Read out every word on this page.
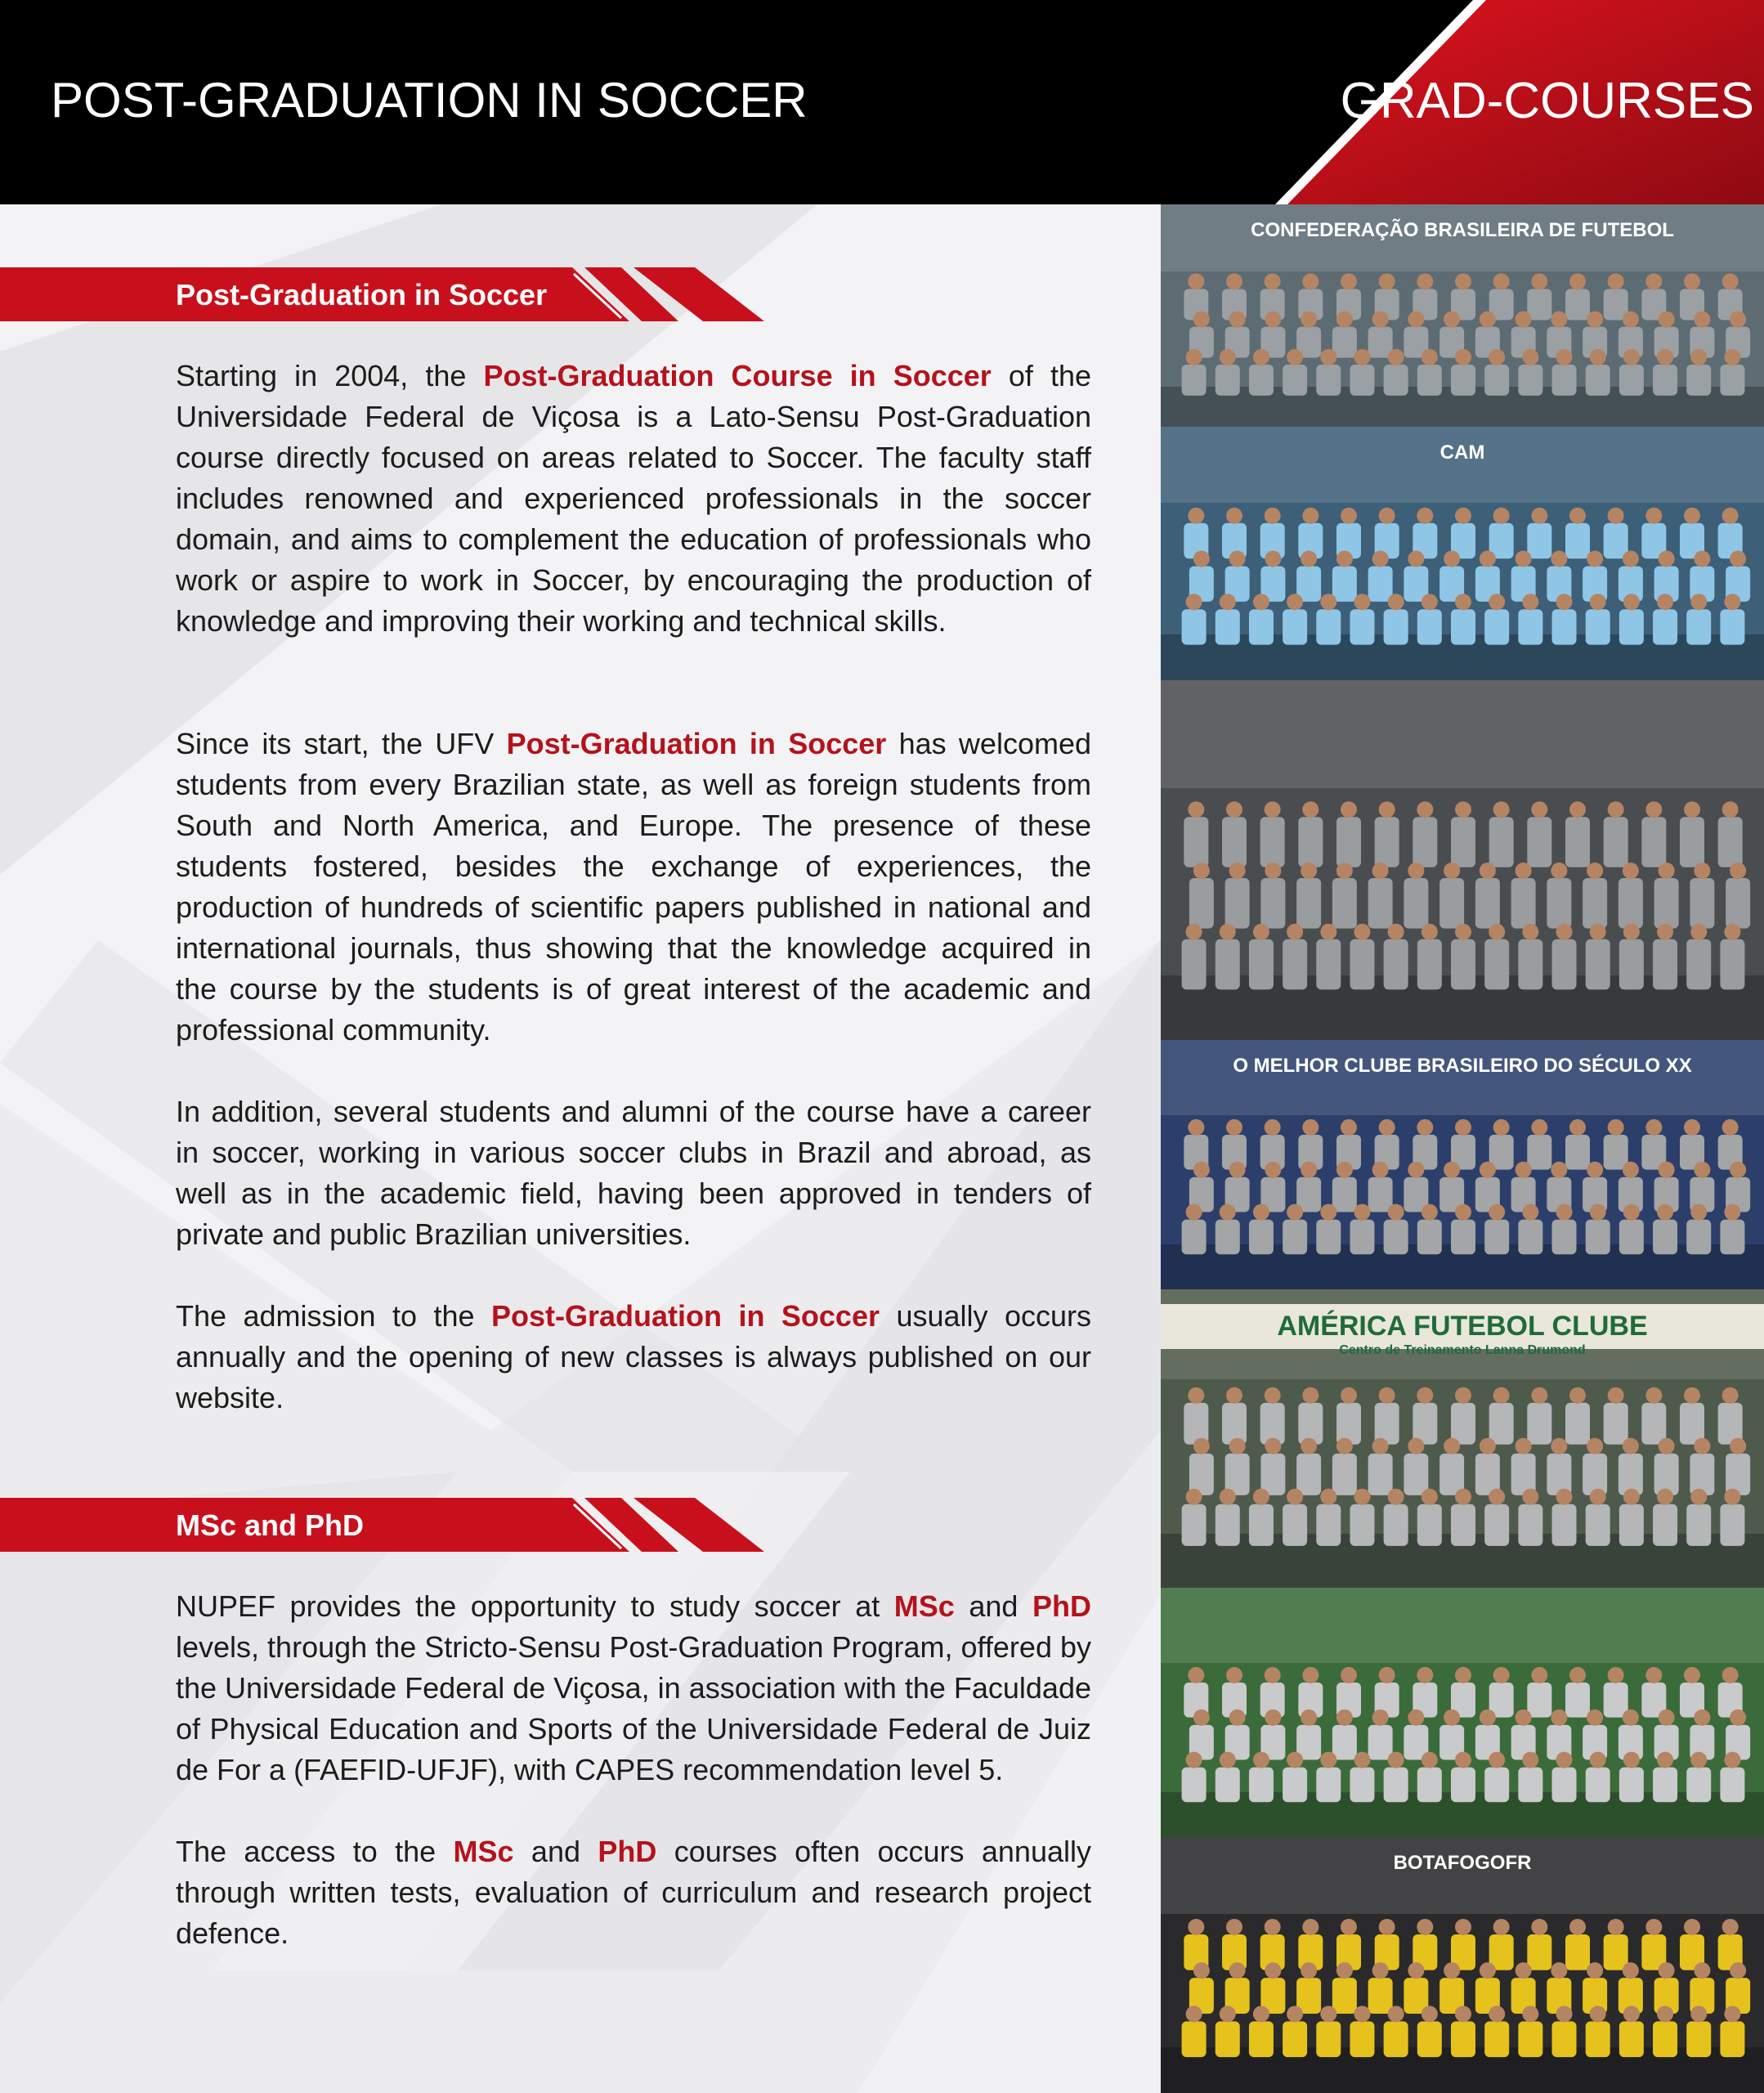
POST-GRADUATION IN SOCCER	GRAD-COURSES
Post-Graduation in Soccer
Starting in 2004, the Post-Graduation Course in Soccer of the Universidade Federal de Viçosa is a Lato-Sensu Post-Graduation course directly focused on areas related to Soccer. The faculty staff includes renowned and experienced professionals in the soccer domain, and aims to complement the education of professionals who work or aspire to work in Soccer, by encouraging the production of knowledge and improving their working and technical skills.
Since its start, the UFV Post-Graduation in Soccer has welcomed students from every Brazilian state, as well as foreign students from South and North America, and Europe. The presence of these students fostered, besides the exchange of experiences, the production of hundreds of scientific papers published in national and international journals, thus showing that the knowledge acquired in the course by the students is of great interest of the academic and professional community.
In addition, several students and alumni of the course have a career in soccer, working in various soccer clubs in Brazil and abroad, as well as in the academic field, having been approved in tenders of private and public Brazilian universities.
The admission to the Post-Graduation in Soccer usually occurs annually and the opening of new classes is always published on our website.
MSc and PhD
NUPEF provides the opportunity to study soccer at MSc and PhD levels, through the Stricto-Sensu Post-Graduation Program, offered by the Universidade Federal de Viçosa, in association with the Faculdade of Physical Education and Sports of the Universidade Federal de Juiz de For a (FAEFID-UFJF), with CAPES recommendation level 5.
The access to the MSc and PhD courses often occurs annually through written tests, evaluation of curriculum and research project defence.
CONFEDERAÇÃO BRASILEIRA DE FUTEBOL
CAM
O MELHOR CLUBE BRASILEIRO DO SÉCULO XX
AMÉRICA FUTEBOL CLUBE
Centro de Treinamento Lanna Drumond
BOTAFOGOFR
